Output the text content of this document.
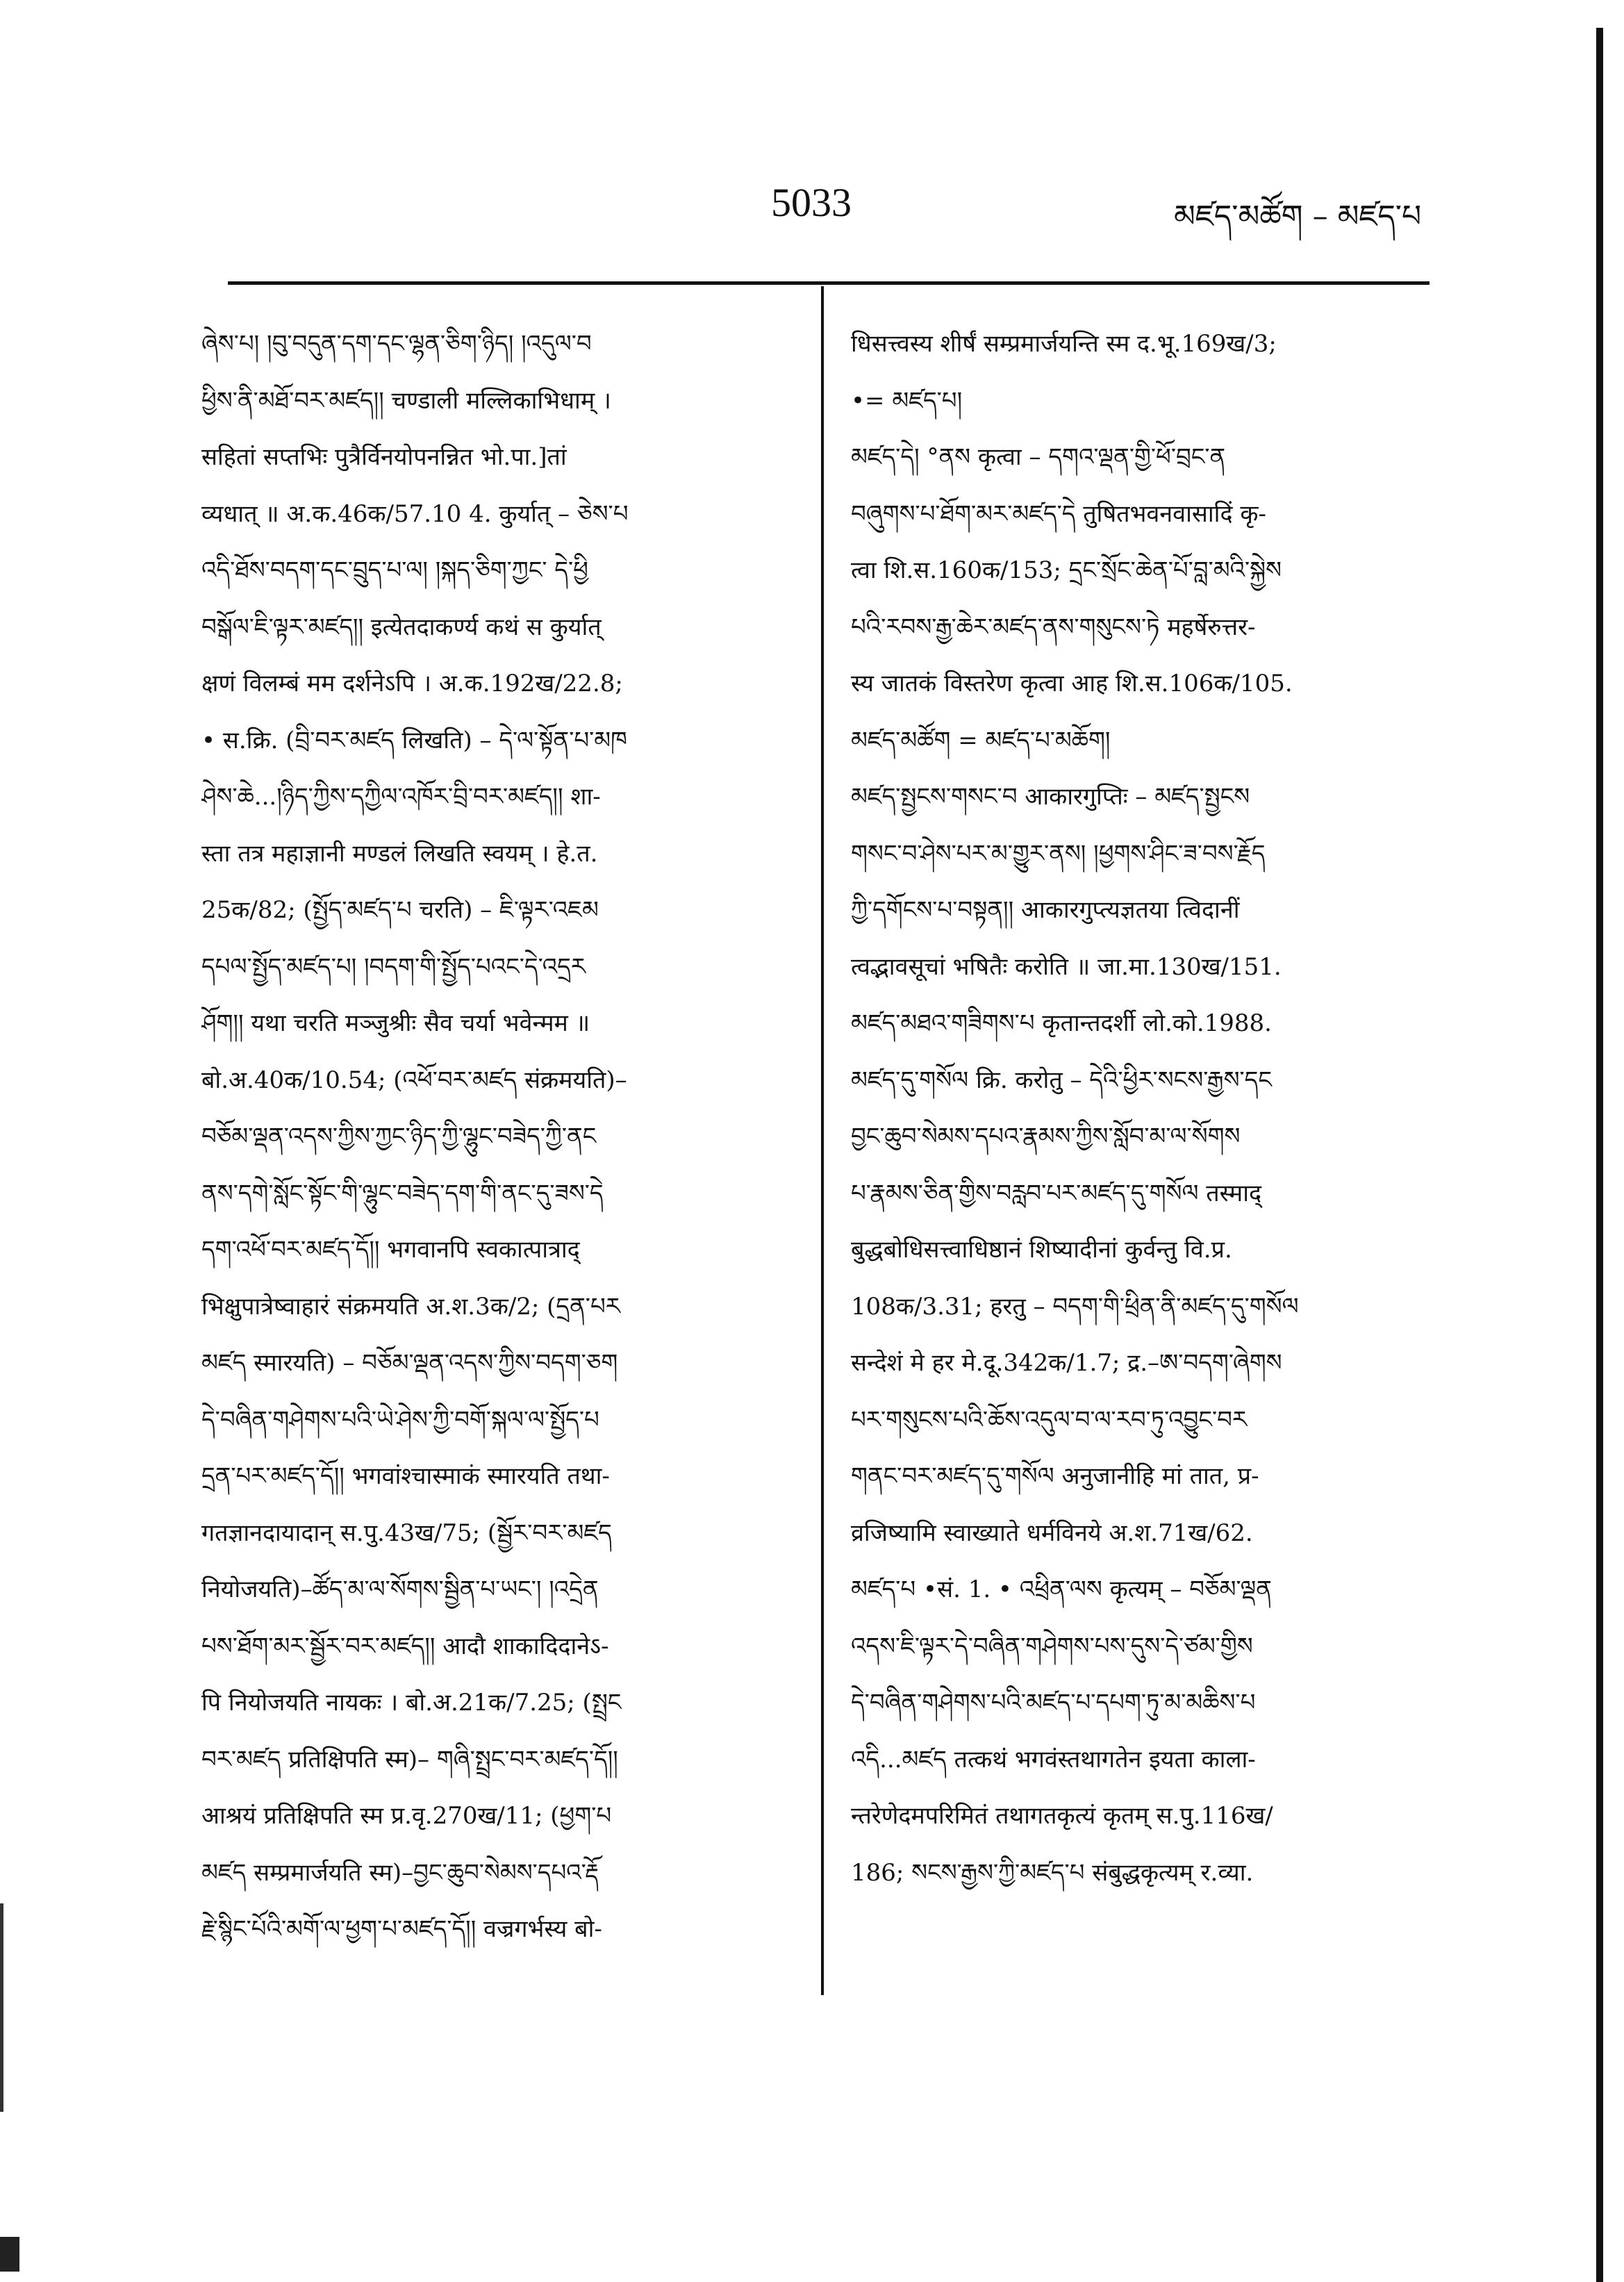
5033	མཛད་མཚོག – མཛད་པ
ཞེས་པ། །བུ་བདུན་དག་དང་ལྷན་ཅིག་ཉིད། །འདུལ་བ
ཕྱིས་ནི་མཐོ་བར་མཛད།། चण्डाली मल्लिकाभिधाम् ।
सहितां सप्तभिः पुत्रैर्विनयोपनन्नित भो.पा.]तां
व्यधात् ॥ अ.क.46क/57.10 4. कुर्यात् – ཅེས་པ
འདི་ཐོས་བདག་དང་བྲུད་པ་ལ། །སྐད་ཅིག་ཀྱང་ དེ་ཕྱི
བསྒོལ་ཇི་ལྟར་མཛད།། इत्येतदाकर्ण्य कथं स कुर्यात्
क्षणं विलम्बं मम दर्शनेऽपि । अ.क.192ख/22.8;
• स.क्रि. (བྲི་བར་མཛད लिखति) – དེ་ལ་སྟོན་པ་མཁ
ཤེས་ཆེ...།ཉིད་ཀྱིས་དཀྱིལ་འཁོར་བྲི་བར་མཛད།། शा-
स्ता तत्र महाज्ञानी मण्डलं लिखति स्वयम् । हे.त.
25क/82; (སྤྱོད་མཛད་པ चरति) – ཇི་ལྟར་འཇམ
དཔལ་སྤྱོད་མཛད་པ། །བདག་གི་སྤྱོད་པའང་དེ་འདྲར
ཤོག།། यथा चरति मञ्जुश्रीः सैव चर्या भवेन्मम ॥
बो.अ.40क/10.54; (འཕོ་བར་མཛད संक्रमयति)–
བཅོམ་ལྡན་འདས་ཀྱིས་ཀྱང་ཉིད་ཀྱི་ལྷུང་བཟེད་ཀྱི་ནང
ནས་དགེ་སློང་སྟོང་གི་ལྷུང་བཟེད་དག་གི་ནང་དུ་ཟས་དེ
དག་འཕོ་བར་མཛད་དོ།། भगवानपि स्वकात्पात्राद्
भिक्षुपात्रेष्वाहारं संक्रमयति अ.श.3क/2; (དྲན་པར
མཛད स्मारयति) – བཅོམ་ལྡན་འདས་ཀྱིས་བདག་ཅག
དེ་བཞིན་གཤེགས་པའི་ཡེ་ཤེས་ཀྱི་བགོ་སྐལ་ལ་སྤྱོད་པ
དྲན་པར་མཛད་དོ།། भगवांश्चास्माकं स्मारयति तथा-
गतज्ञानदायादान् स.पु.43ख/75; (སྦྱོར་བར་མཛད
नियोजयति)–ཚོད་མ་ལ་སོགས་སྦྱིན་པ་ཡང་། །འདྲེན
པས་ཐོག་མར་སྦྱོར་བར་མཛད།། आदौ शाकादिदानेऽ-
पि नियोजयति नायकः । बो.अ.21क/7.25; (སྤྲང
བར་མཛད प्रतिक्षिपति स्म)– གཞི་སྤྲང་བར་མཛད་དོ།།
आश्रयं प्रतिक्षिपति स्म प्र.वृ.270ख/11; (ཕྱག་པ
མཛད सम्प्रमार्जयति स्म)–བྱང་ཆུབ་སེམས་དཔའ་རྡོ
རྗེ་སྙིང་པོའི་མགོ་ལ་ཕྱག་པ་མཛད་དོ།། वज्रगर्भस्य बो-
धिसत्त्वस्य शीर्षं सम्प्रमार्जयन्ति स्म द.भू.169ख/3;
•= མཛད་པ།
མཛད་དེ། °ནས कृत्वा – དགའ་ལྡན་གྱི་ཕོ་བྲང་ན
བཞུགས་པ་ཐོག་མར་མཛད་དེ तुषितभवनवासादिं कृ-
त्वा शि.स.160क/153; དྲང་སྲོང་ཆེན་པོ་བླ་མའི་སྐྱེས
པའི་རབས་རྒྱ་ཆེར་མཛད་ནས་གསུངས་ཏེ महर्षेरुत्तर-
स्य जातकं विस्तरेण कृत्वा आह शि.स.106क/105.
མཛད་མཚོག = མཛད་པ་མཆོག།
མཛད་སྤྱངས་གསང་བ आकारगुप्तिः – མཛད་སྤྱངས
གསང་བ་ཤེས་པར་མ་གྱུར་ནས། །ཕྱགས་ཤིང་ཟ་བས་རྗོད
ཀྱི་དགོངས་པ་བསྟན།། आकारगुप्त्यज्ञतया त्विदानीं
त्वद्भावसूचां भषितैः करोति ॥ जा.मा.130ख/151.
མཛད་མཐའ་གཟིགས་པ कृतान्तदर्शी लो.को.1988.
མཛད་དུ་གསོལ क्रि. करोतु – དེའི་ཕྱིར་སངས་རྒྱས་དང
བྱང་ཆུབ་སེམས་དཔའ་རྣམས་ཀྱིས་སློབ་མ་ལ་སོགས
པ་རྣམས་ཅིན་གྱིས་བརླབ་པར་མཛད་དུ་གསོལ तस्माद्
बुद्धबोधिसत्त्वाधिष्ठानं शिष्यादीनां कुर्वन्तु वि.प्र.
108क/3.31; हरतु – བདག་གི་ཕྲིན་ནི་མཛད་དུ་གསོལ
सन्देशं मे हर मे.दू.342क/1.7; द्र.–ཨ་བདག་ཞེགས
པར་གསུངས་པའི་ཆོས་འདུལ་བ་ལ་རབ་ཏུ་འབྱུང་བར
གནང་བར་མཛད་དུ་གསོལ अनुजानीहि मां तात, प्र-
व्रजिष्यामि स्वाख्याते धर्मविनये अ.श.71ख/62.
མཛད་པ •सं. 1. • འཕྲིན་ལས कृत्यम् – བཅོམ་ལྡན
འདས་ཇི་ལྟར་དེ་བཞིན་གཤེགས་པས་དུས་དེ་ཙམ་གྱིས
དེ་བཞིན་གཤེགས་པའི་མཛད་པ་དཔག་ཏུ་མ་མཆིས་པ
འདི...མཛད तत्कथं भगवंस्तथागतेन इयता काला-
न्तरेणेदमपरिमितं तथागतकृत्यं कृतम् स.पु.116ख/
186; སངས་རྒྱས་ཀྱི་མཛད་པ संबुद्धकृत्यम् र.व्या.
